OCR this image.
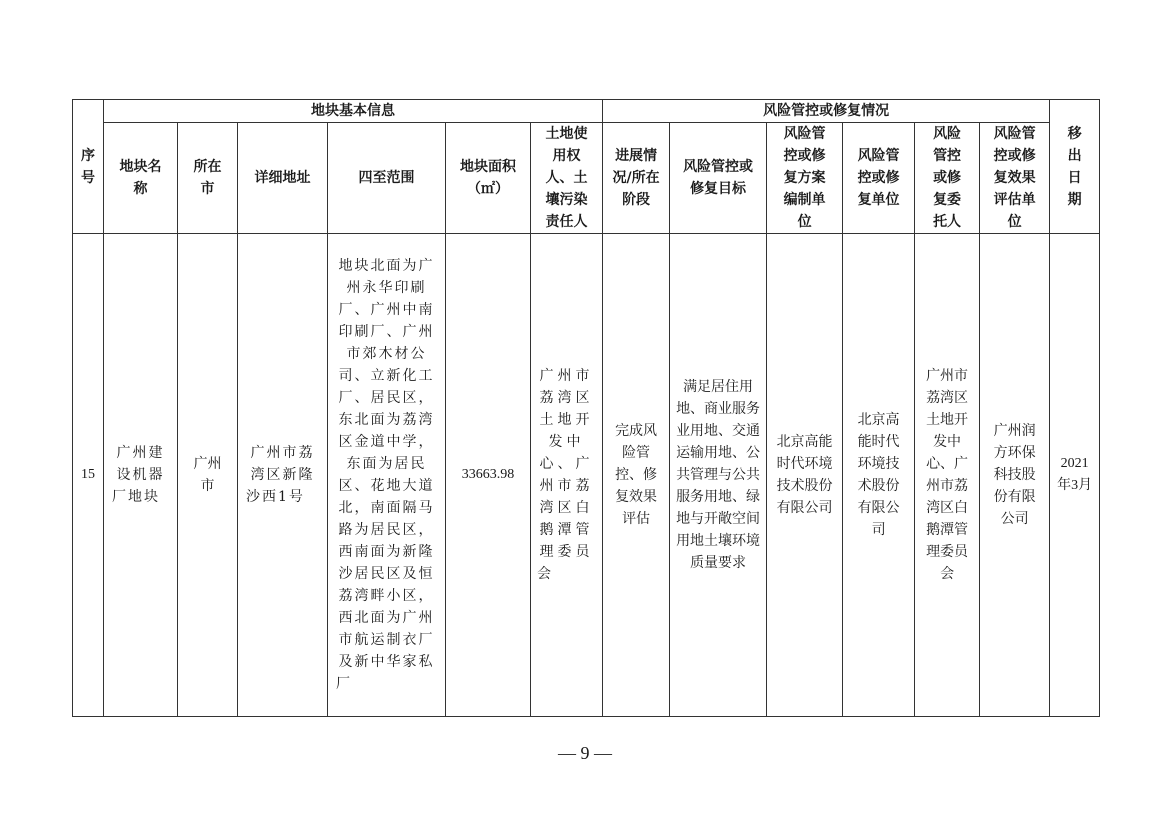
序号	地块基本信息						风险管控或修复情况						移出日期
	地块名称	所在市	详细地址	四至范围	地块面积（㎡）	土地使用权人、土壤污染责任人	进展情况/所在阶段	风险管控或修复目标	风险管控或修复方案编制单位	风险管控或修复单位	风险管控或修复委托人	风险管控或修复效果评估单位	
15	广州建设机器厂地块	广州市	广州市荔湾区新隆沙西1号	地块北面为广州永华印刷厂、广州中南印刷厂、广州市郊木材公司、立新化工厂、居民区，东北面为荔湾区金道中学，东面为居民区、花地大道北，南面隔马路为居民区，西南面为新隆沙居民区及恒荔湾畔小区，西北面为广州市航运制衣厂及新中华家私厂	33663.98	广州市荔湾区土地开发中心、广州市荔湾区白鹅潭管理委员会	完成风险管控、修复效果评估	满足居住用地、商业服务业用地、交通运输用地、公共管理与公共服务用地、绿地与开敞空间用地土壤环境质量要求	北京高能时代环境技术股份有限公司	北京高能时代环境技术股份有限公司	广州市荔湾区土地开发中心、广州市荔湾区白鹅潭管理委员会	广州润方环保科技股份有限公司	2021年3月
— 9 —
